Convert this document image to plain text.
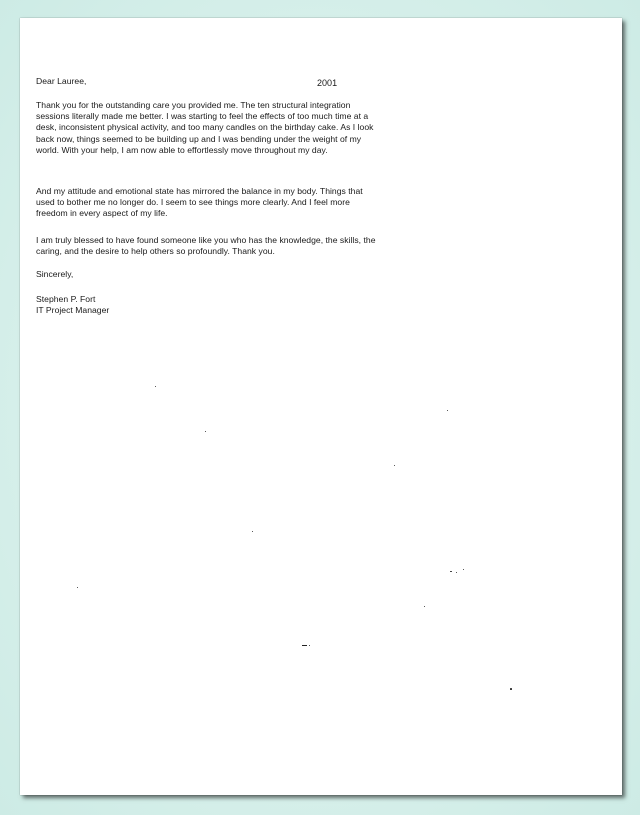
Dear Lauree,	2001

Thank you for the outstanding care you provided me. The ten structural integration sessions literally made me better. I was starting to feel the effects of too much time at a desk, inconsistent physical activity, and too many candles on the birthday cake. As I look back now, things seemed to be building up and I was bending under the weight of my world. With your help, I am now able to effortlessly move throughout my day.

And my attitude and emotional state has mirrored the balance in my body. Things that used to bother me no longer do. I seem to see things more clearly. And I feel more freedom in every aspect of my life.

I am truly blessed to have found someone like you who has the knowledge, the skills, the caring, and the desire to help others so profoundly. Thank you.

Sincerely,
Stephen P. Fort
IT Project Manager
